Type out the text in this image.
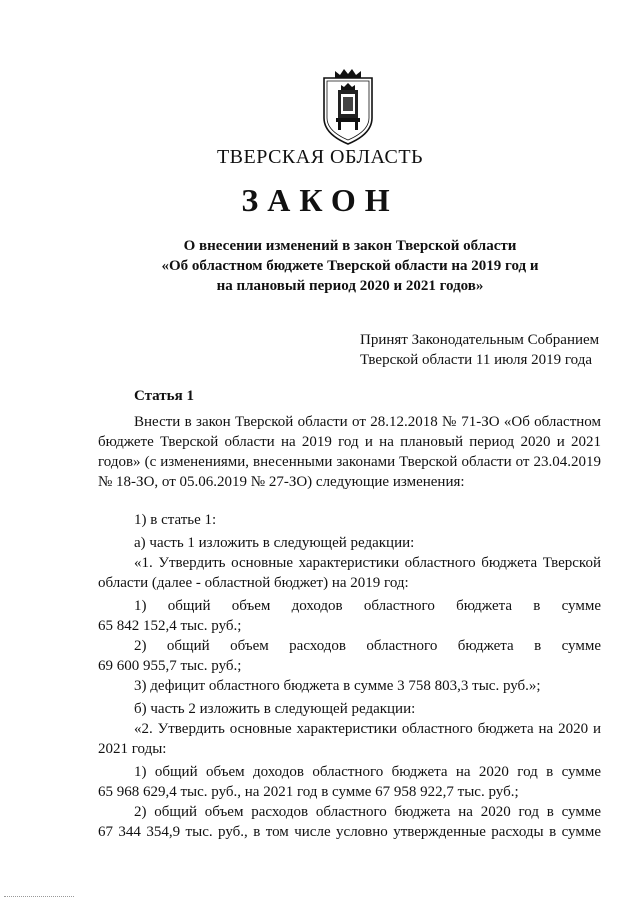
ТВЕРСКАЯ ОБЛАСТЬ
ЗАКОН
О внесении изменений в закон Тверской области
«Об областном бюджете Тверской области на 2019 год и
на плановый период 2020 и 2021 годов»
Принят Законодательным Собранием
Тверской области 11 июля 2019 года
Статья 1
Внести в закон Тверской области от 28.12.2018 № 71-ЗО «Об областном бюджете Тверской области на 2019 год и на плановый период 2020 и 2021 годов» (с изменениями, внесенными законами Тверской области от 23.04.2019 № 18-ЗО, от 05.06.2019 № 27-ЗО) следующие изменения:
1) в статье 1:
а) часть 1 изложить в следующей редакции:
«1. Утвердить основные характеристики областного бюджета Тверской
области (далее - областной бюджет) на 2019 год:
1) общий объем доходов областного бюджета в сумме
65 842 152,4 тыс. руб.;
2) общий объем расходов областного бюджета в сумме
69 600 955,7 тыс. руб.;
3) дефицит областного бюджета в сумме 3 758 803,3 тыс. руб.»;
б) часть 2 изложить в следующей редакции:
«2. Утвердить основные характеристики областного бюджета на 2020 и
2021 годы:
1) общий объем доходов областного бюджета на 2020 год в сумме
65 968 629,4 тыс. руб., на 2021 год в сумме 67 958 922,7 тыс. руб.;
2) общий объем расходов областного бюджета на 2020 год в сумме
67 344 354,9 тыс. руб., в том числе условно утвержденные расходы в сумме
